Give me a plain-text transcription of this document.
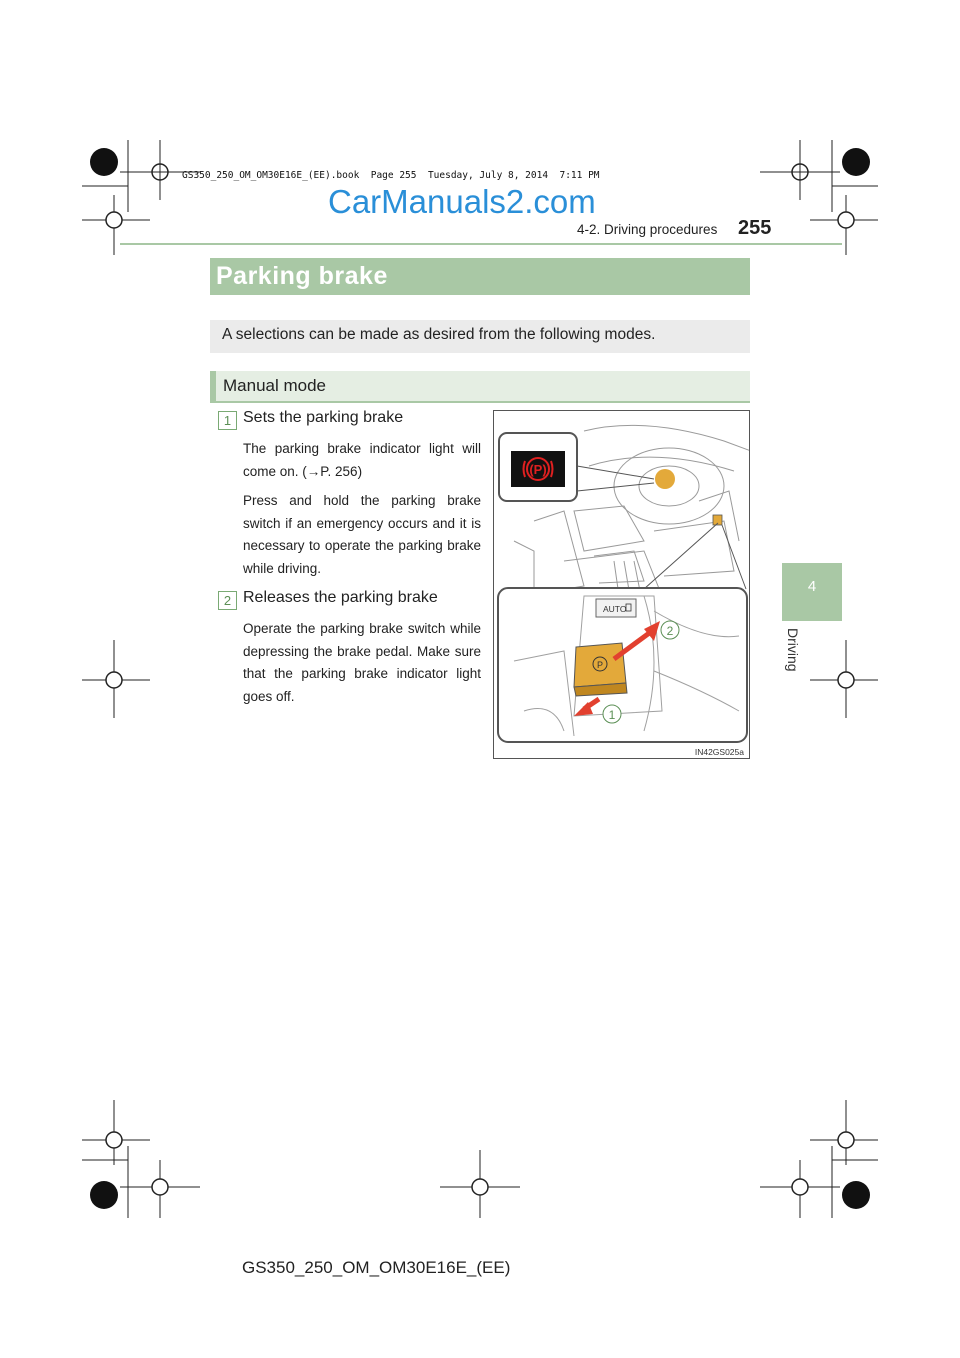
GS350_250_OM_OM30E16E_(EE).book  Page 255  Tuesday, July 8, 2014  7:11 PM
CarManuals2.com
4-2. Driving procedures 255
4
Driving
Parking brake
A selections can be made as desired from the following modes.
Manual mode
1 Sets the parking brake
The parking brake indicator light will come on. (→P. 256)
Press and hold the parking brake switch if an emergency occurs and it is necessary to operate the parking brake while driving.
2 Releases the parking brake
Operate the parking brake switch while depressing the brake pedal. Make sure that the parking brake indicator light goes off.
(P)
AUTO
P
2
1
IN42GS025a
GS350_250_OM_OM30E16E_(EE)
